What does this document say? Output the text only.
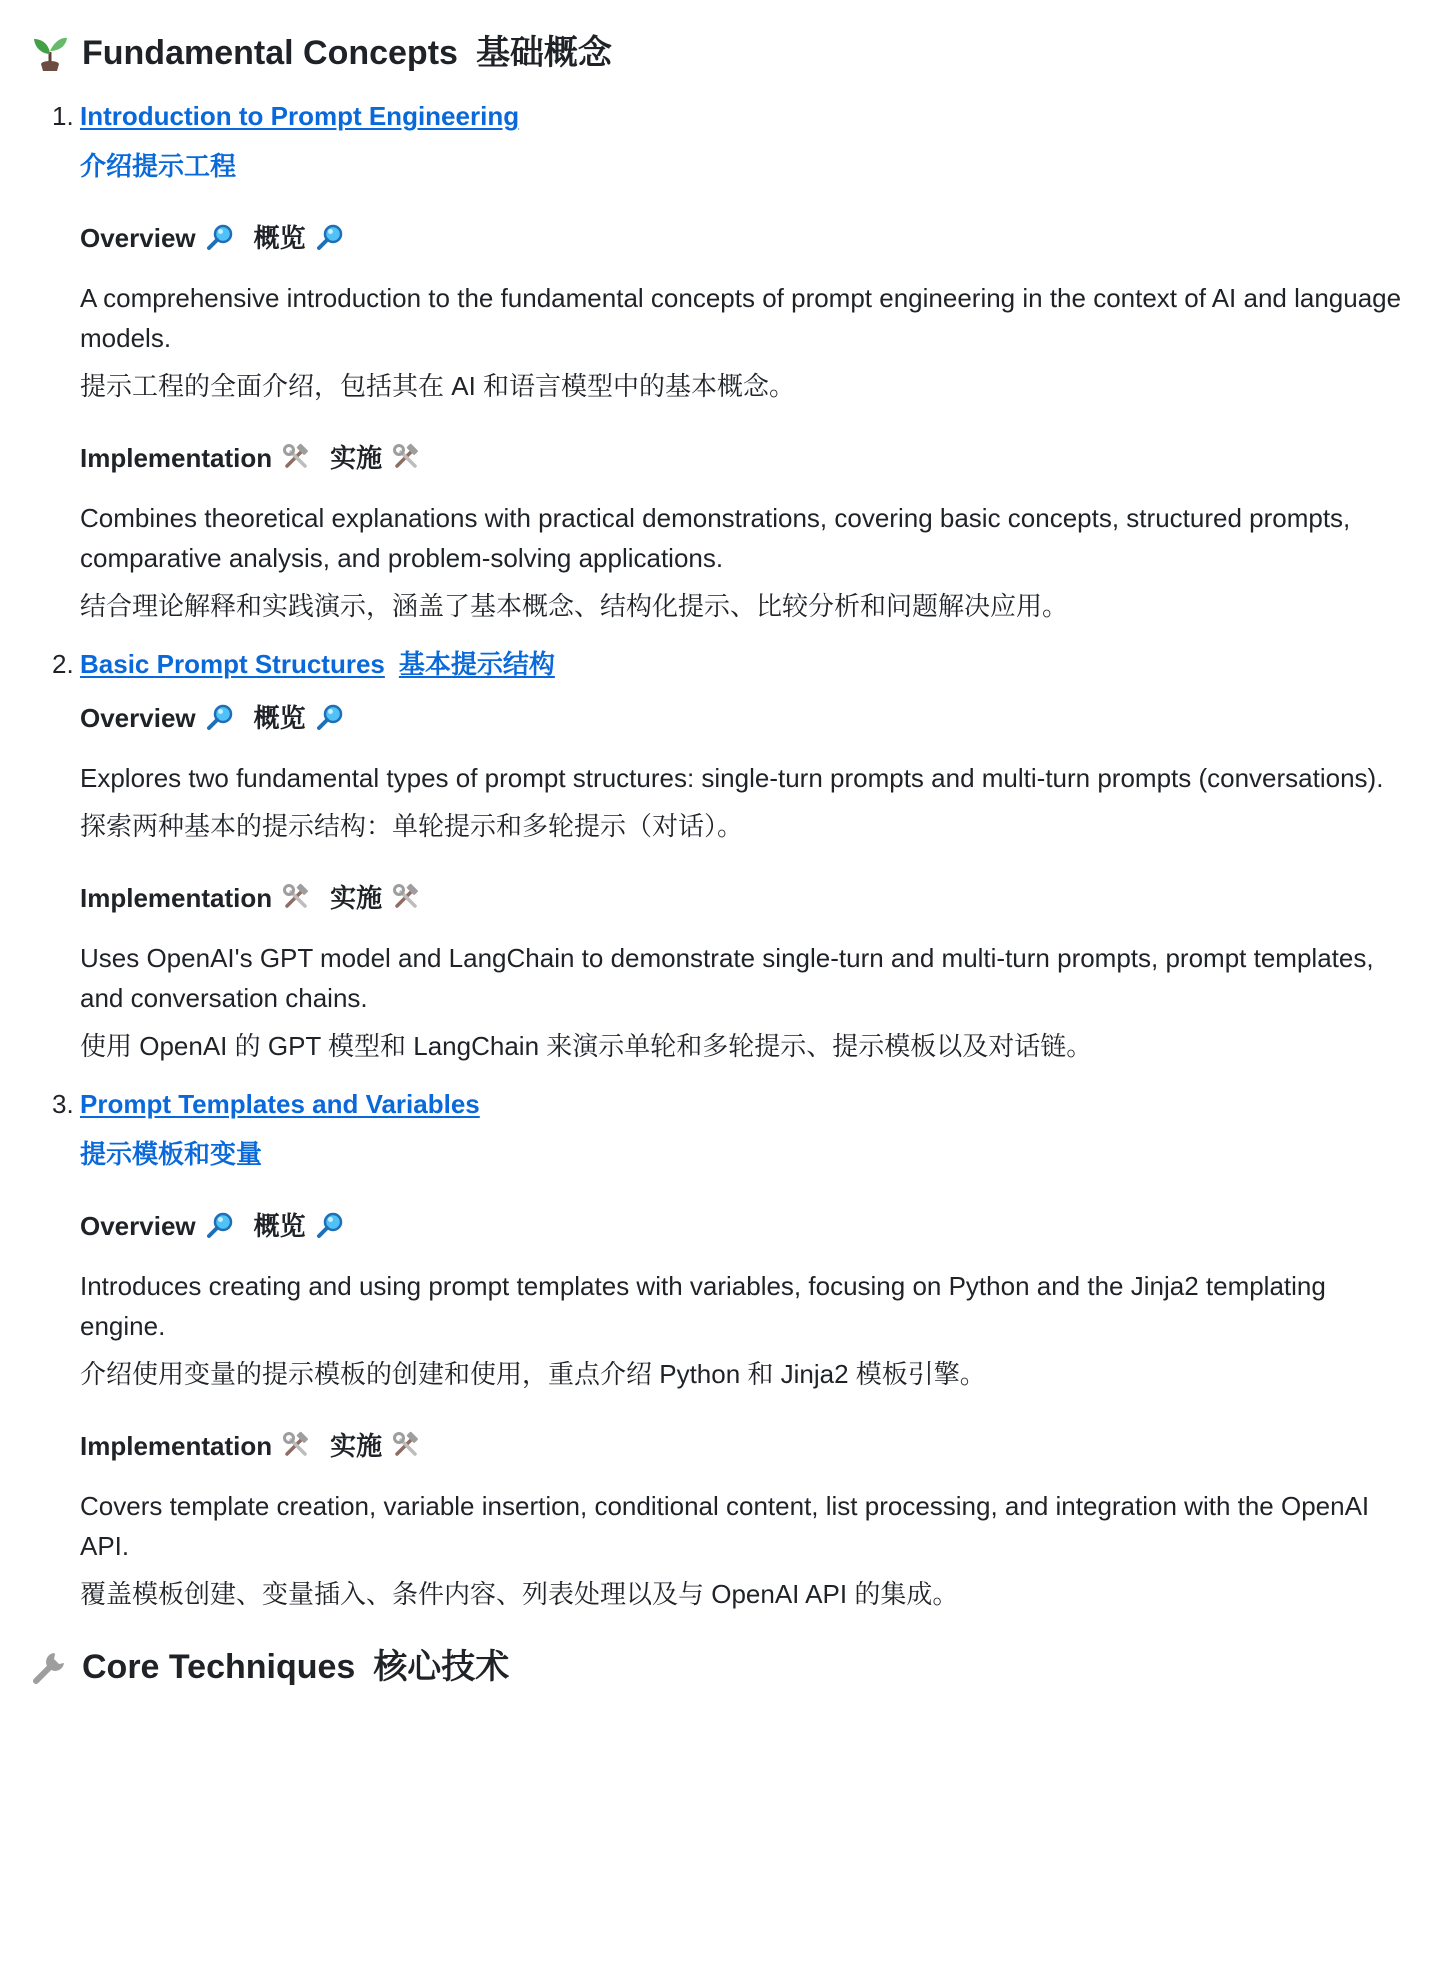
Fundamental Concepts 基础概念
1. Introduction to Prompt Engineering
介绍提示工程
Overview 概览

A comprehensive introduction to the fundamental concepts of prompt engineering in the context of AI and language models.

提示工程的全面介绍，包括其在 AI 和语言模型中的基本概念。

Implementation 实施

Combines theoretical explanations with practical demonstrations, covering basic concepts, structured prompts, comparative analysis, and problem-solving applications.

结合理论解释和实践演示，涵盖了基本概念、结构化提示、比较分析和问题解决应用。

2. Basic Prompt Structures 基本提示结构
Overview 概览

Explores two fundamental types of prompt structures: single-turn prompts and multi-turn prompts (conversations).

探索两种基本的提示结构：单轮提示和多轮提示（对话）。

Implementation 实施

Uses OpenAI's GPT model and LangChain to demonstrate single-turn and multi-turn prompts, prompt templates, and conversation chains.

使用 OpenAI 的 GPT 模型和 LangChain 来演示单轮和多轮提示、提示模板以及对话链。

3. Prompt Templates and Variables
提示模板和变量
Overview 概览

Introduces creating and using prompt templates with variables, focusing on Python and the Jinja2 templating engine.

介绍使用变量的提示模板的创建和使用，重点介绍 Python 和 Jinja2 模板引擎。

Implementation 实施

Covers template creation, variable insertion, conditional content, list processing, and integration with the OpenAI API.

覆盖模板创建、变量插入、条件内容、列表处理以及与 OpenAI API 的集成。

Core Techniques 核心技术
